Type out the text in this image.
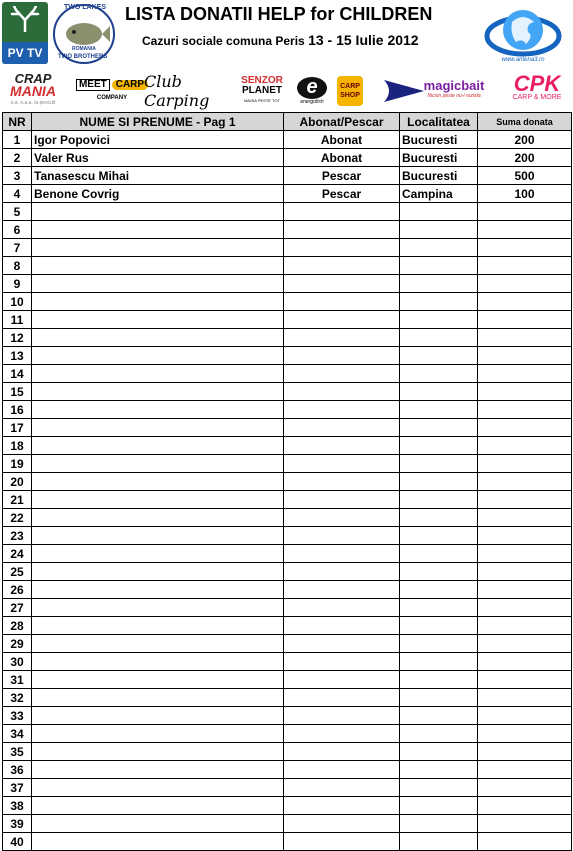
PV TV
TWO LAKES
ROMANIA
TWO BROTHERS
LISTA DONATII HELP for CHILDREN
Cazuri sociale comuna Peris 13 - 15 Iulie 2012
www.antena3.ro
CRAP
MANIA
o.a. o.a.a. la pescuit
MEET CARP
COMPANY
Club Carping
SENZOR
PLANET
MAGIA PESTE TOT
e
energofish
CARP
SHOP
magicbait
Niciun peste nu-i rezista CPK
CARP & MORE
NR	NUME SI PRENUME - Pag 1	Abonat/Pescar	Localitatea	Suma donata
1	Igor Popovici	Abonat	Bucuresti	200
2	Valer Rus	Abonat	Bucuresti	200
3	Tanasescu Mihai	Pescar	Bucuresti	500
4	Benone Covrig	Pescar	Campina	100
5				
6				
7				
8				
9				
10				
11				
12				
13				
14				
15				
16				
17				
18				
19				
20				
21				
22				
23				
24				
25				
26				
27				
28				
29				
30				
31				
32				
33				
34				
35				
36				
37				
38				
39				
40				
